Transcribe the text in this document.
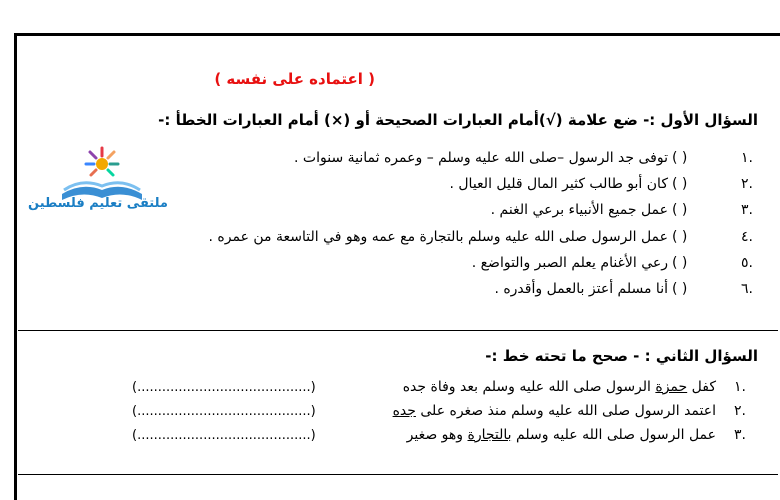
( اعتماده على نفسه )
السؤال الأول :- ضع علامة (√)أمام العبارات الصحيحة أو (×) أمام العبارات الخطأ :-
ملتقى تعليم فلسطين
١.
( )
توفى جد الرسول –صلى الله عليه وسلم – وعمره ثمانية سنوات .
٢.
( )
كان أبو طالب كثير المال قليل العيال .
٣.
( )
عمل جميع الأنبياء برعي الغنم .
٤.
( )
عمل الرسول صلى الله عليه وسلم بالتجارة مع عمه وهو في التاسعة من عمره .
٥.
( )
رعي الأغنام يعلم الصبر والتواضع .
٦.
( )
أنا مسلم أعتز بالعمل وأقدره .
السؤال الثاني : - صحح ما تحته خط :-
١.
كفل حمزة الرسول صلى الله عليه وسلم بعد وفاة جده
(..........................................)
٢.
اعتمد الرسول صلى الله عليه وسلم منذ صغره على جده
(..........................................)
٣.
عمل الرسول صلى الله عليه وسلم بالتجارة وهو صغير
(..........................................)
